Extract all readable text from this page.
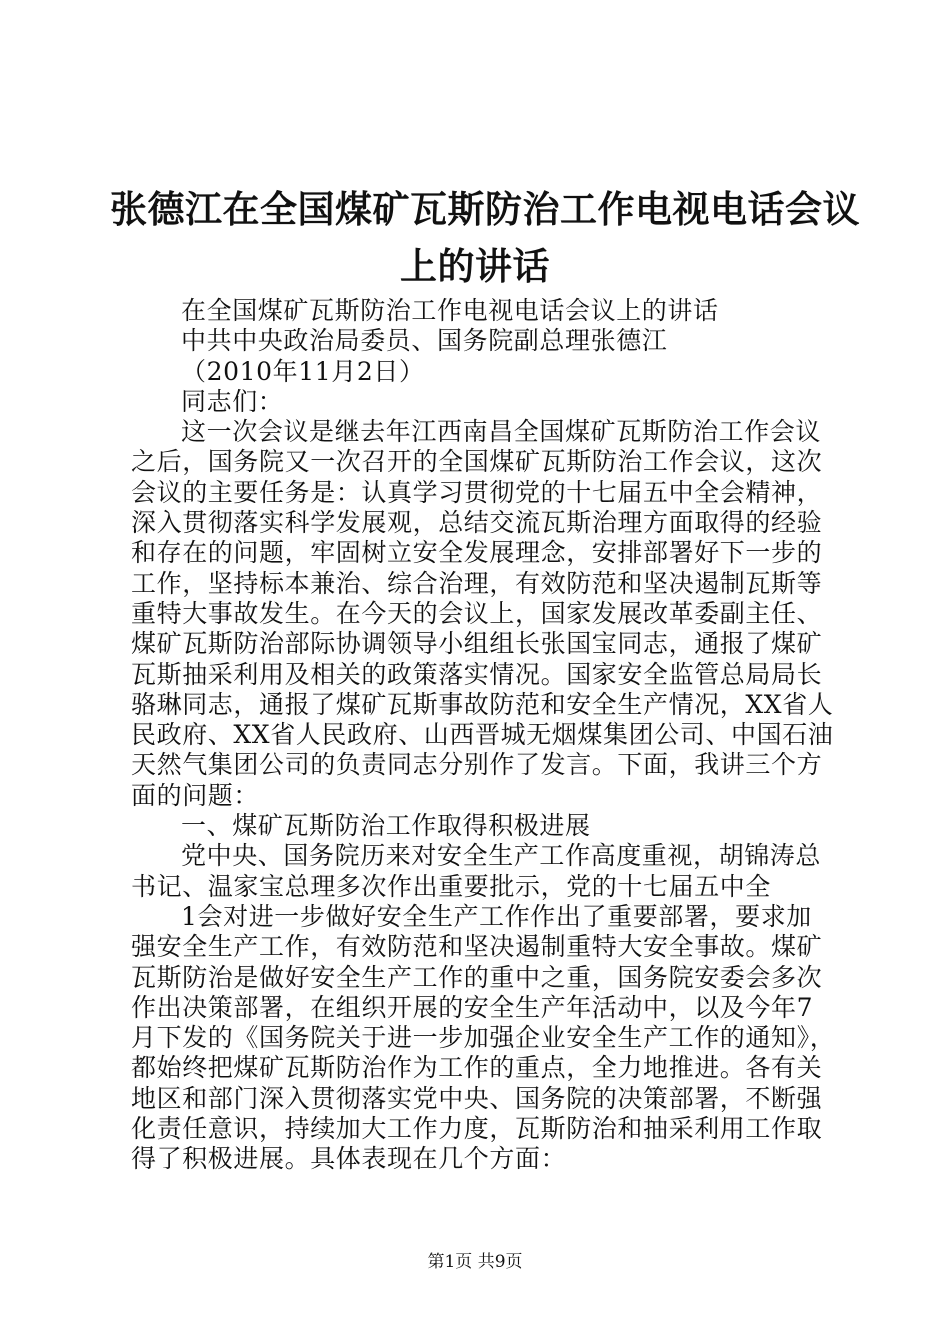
张德江在全国煤矿瓦斯防治工作电视电话会议
上的讲话
在全国煤矿瓦斯防治工作电视电话会议上的讲话
中共中央政治局委员、国务院副总理张德江
（2010年11月2日）
同志们：
这一次会议是继去年江西南昌全国煤矿瓦斯防治工作会议
之后，国务院又一次召开的全国煤矿瓦斯防治工作会议，这次
会议的主要任务是：认真学习贯彻党的十七届五中全会精神，
深入贯彻落实科学发展观，总结交流瓦斯治理方面取得的经验
和存在的问题，牢固树立安全发展理念，安排部署好下一步的
工作，坚持标本兼治、综合治理，有效防范和坚决遏制瓦斯等
重特大事故发生。在今天的会议上，国家发展改革委副主任、
煤矿瓦斯防治部际协调领导小组组长张国宝同志，通报了煤矿
瓦斯抽采利用及相关的政策落实情况。国家安全监管总局局长
骆琳同志，通报了煤矿瓦斯事故防范和安全生产情况，XX省人
民政府、XX省人民政府、山西晋城无烟煤集团公司、中国石油
天然气集团公司的负责同志分别作了发言。下面，我讲三个方
面的问题：
一、煤矿瓦斯防治工作取得积极进展
党中央、国务院历来对安全生产工作高度重视，胡锦涛总
书记、温家宝总理多次作出重要批示，党的十七届五中全
1会对进一步做好安全生产工作作出了重要部署，要求加
强安全生产工作，有效防范和坚决遏制重特大安全事故。煤矿
瓦斯防治是做好安全生产工作的重中之重，国务院安委会多次
作出决策部署，在组织开展的安全生产年活动中，以及今年7
月下发的《国务院关于进一步加强企业安全生产工作的通知》，
都始终把煤矿瓦斯防治作为工作的重点，全力地推进。各有关
地区和部门深入贯彻落实党中央、国务院的决策部署，不断强
化责任意识，持续加大工作力度，瓦斯防治和抽采利用工作取
得了积极进展。具体表现在几个方面：
第1页 共9页
